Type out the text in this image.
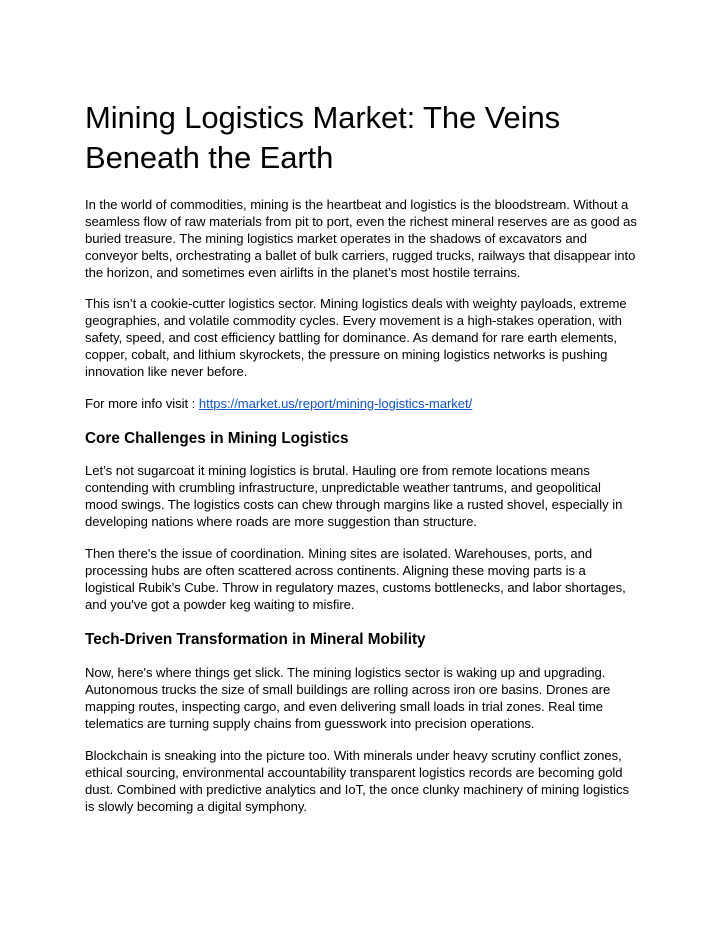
Mining Logistics Market: The Veins Beneath the Earth

In the world of commodities, mining is the heartbeat and logistics is the bloodstream. Without a seamless flow of raw materials from pit to port, even the richest mineral reserves are as good as buried treasure. The mining logistics market operates in the shadows of excavators and conveyor belts, orchestrating a ballet of bulk carriers, rugged trucks, railways that disappear into the horizon, and sometimes even airlifts in the planet’s most hostile terrains.

This isn’t a cookie-cutter logistics sector. Mining logistics deals with weighty payloads, extreme geographies, and volatile commodity cycles. Every movement is a high-stakes operation, with safety, speed, and cost efficiency battling for dominance. As demand for rare earth elements, copper, cobalt, and lithium skyrockets, the pressure on mining logistics networks is pushing innovation like never before.

For more info visit : https://market.us/report/mining-logistics-market/

Core Challenges in Mining Logistics

Let’s not sugarcoat it mining logistics is brutal. Hauling ore from remote locations means contending with crumbling infrastructure, unpredictable weather tantrums, and geopolitical mood swings. The logistics costs can chew through margins like a rusted shovel, especially in developing nations where roads are more suggestion than structure.

Then there's the issue of coordination. Mining sites are isolated. Warehouses, ports, and processing hubs are often scattered across continents. Aligning these moving parts is a logistical Rubik’s Cube. Throw in regulatory mazes, customs bottlenecks, and labor shortages, and you've got a powder keg waiting to misfire.

Tech-Driven Transformation in Mineral Mobility

Now, here's where things get slick. The mining logistics sector is waking up and upgrading. Autonomous trucks the size of small buildings are rolling across iron ore basins. Drones are mapping routes, inspecting cargo, and even delivering small loads in trial zones. Real time telematics are turning supply chains from guesswork into precision operations.

Blockchain is sneaking into the picture too. With minerals under heavy scrutiny conflict zones, ethical sourcing, environmental accountability transparent logistics records are becoming gold dust. Combined with predictive analytics and IoT, the once clunky machinery of mining logistics is slowly becoming a digital symphony.
